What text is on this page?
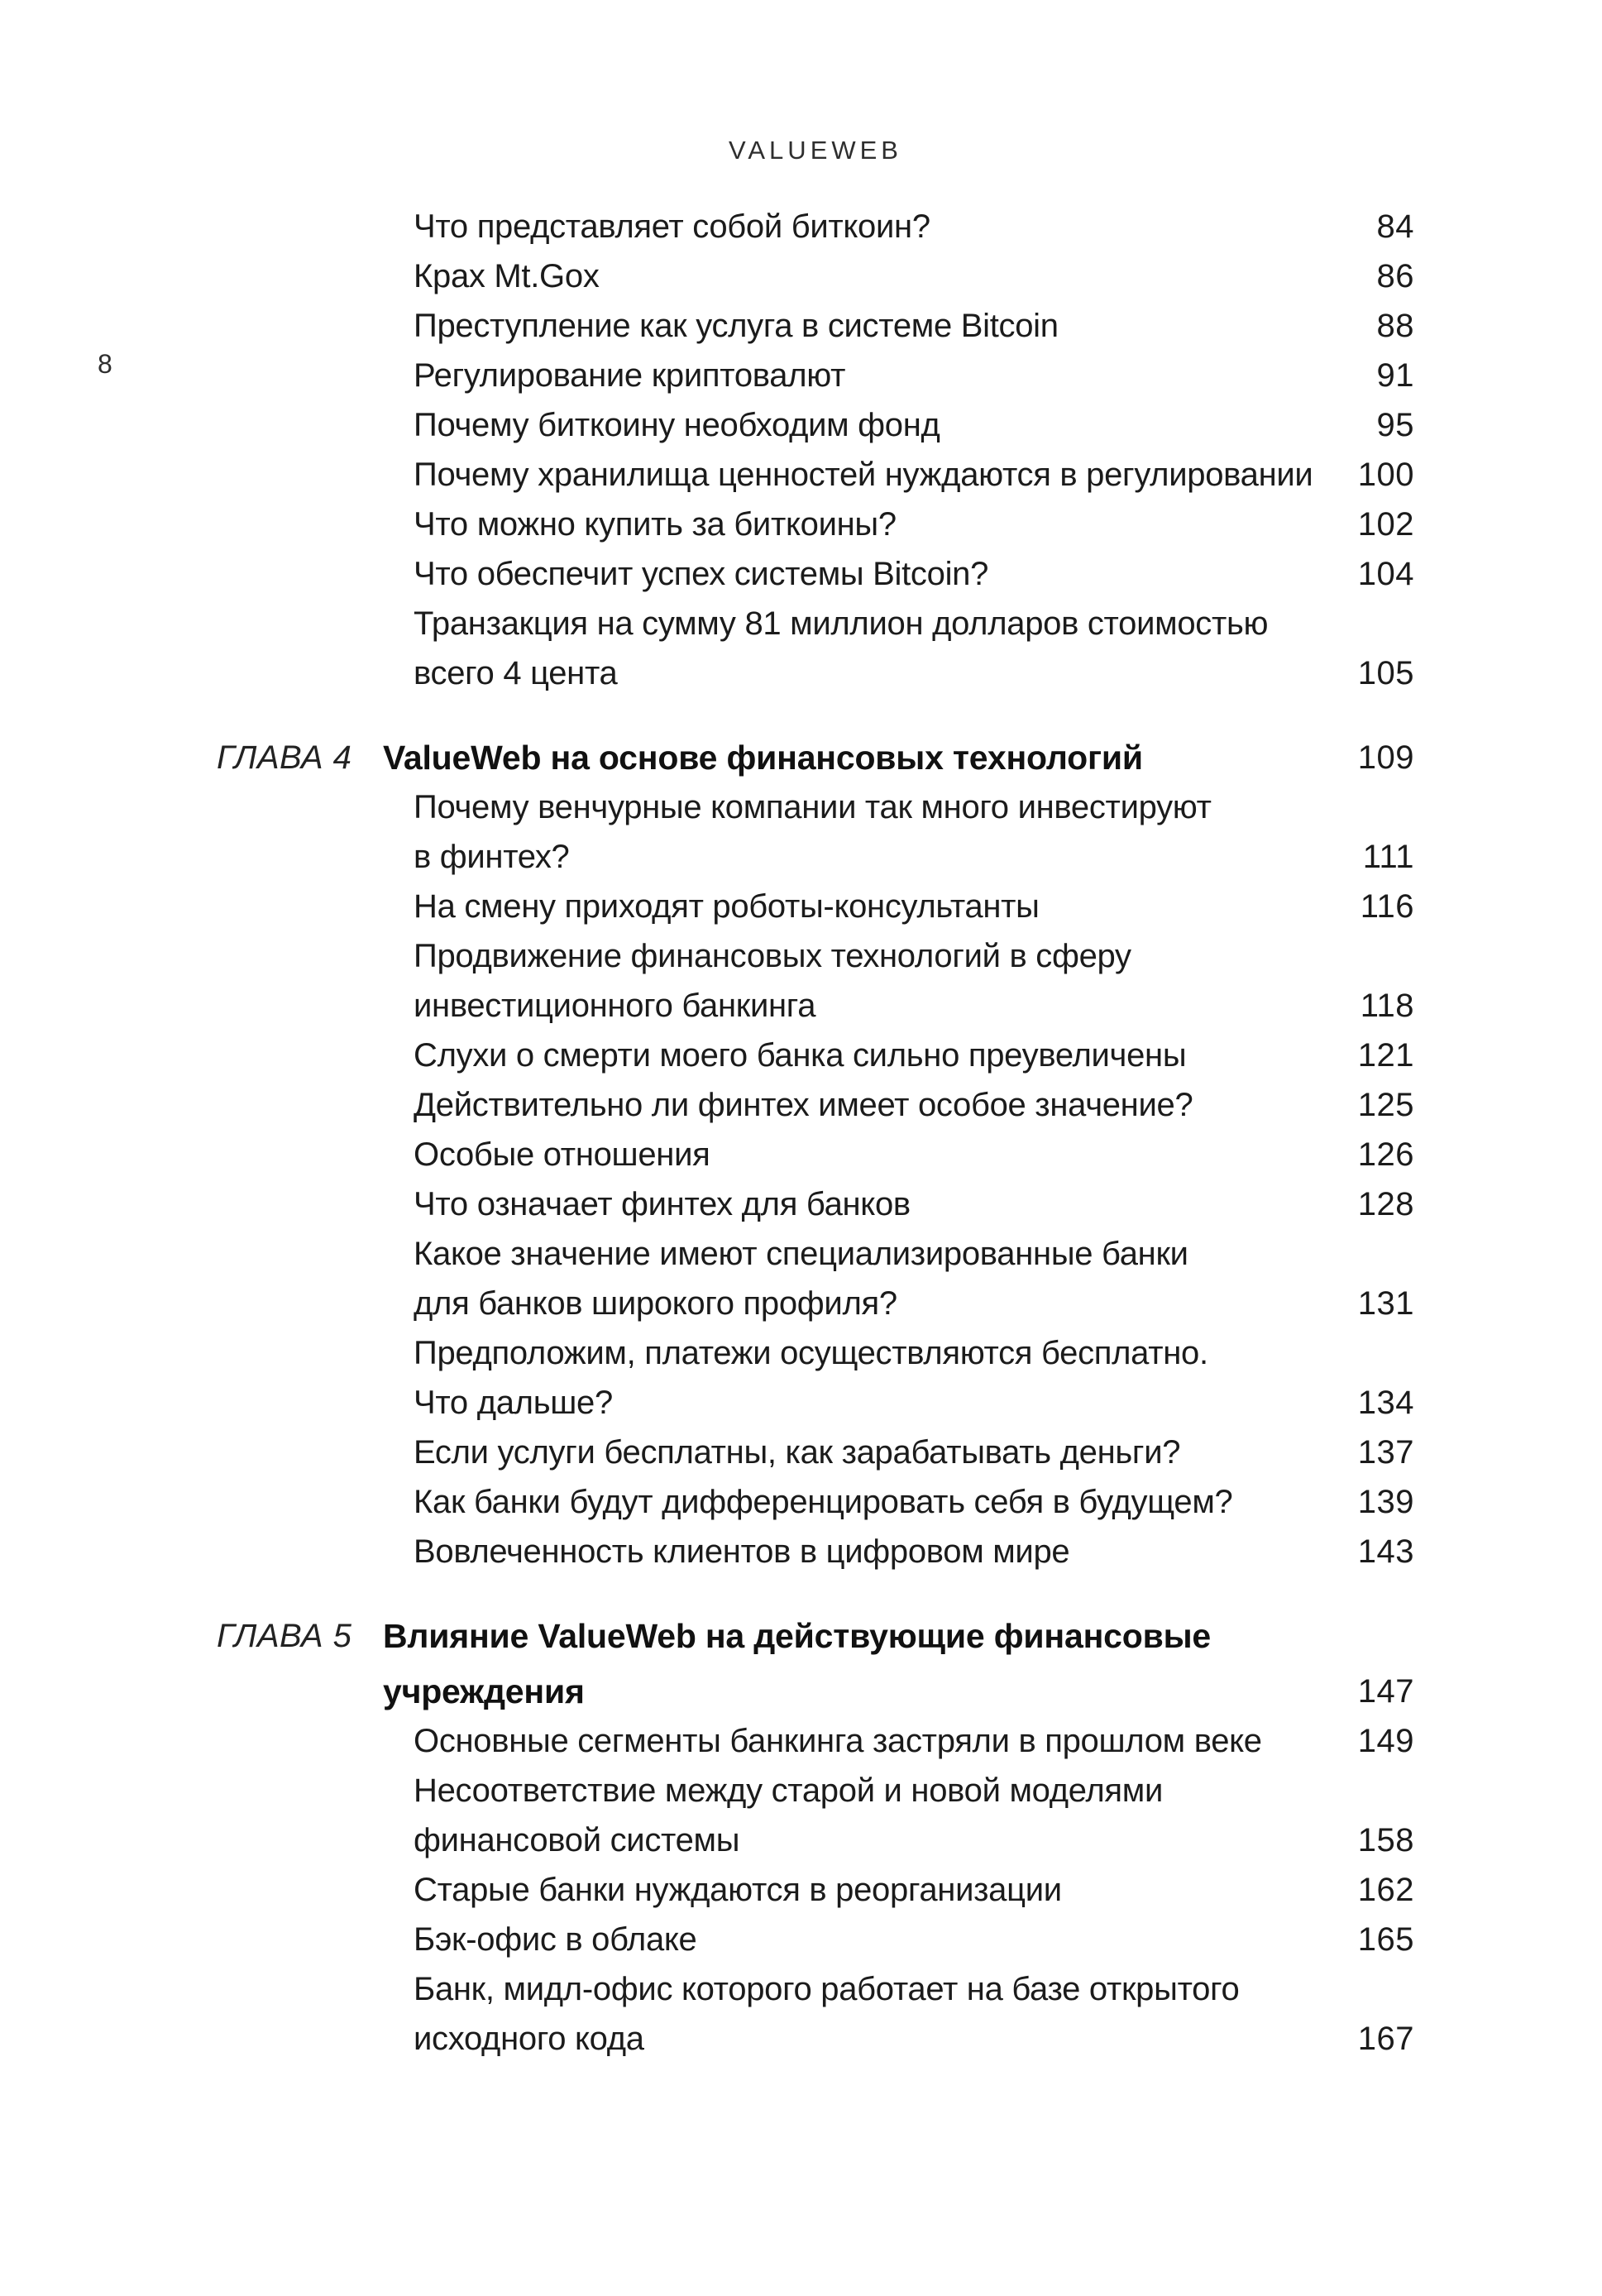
VALUEWEB
8
Что представляет собой биткоин?	84
Крах Mt.Gox	86
Преступление как услуга в системе Bitcoin	88
Регулирование криптовалют	91
Почему биткоину необходим фонд	95
Почему хранилища ценностей нуждаются в регулировании	100
Что можно купить за биткоины?	102
Что обеспечит успех системы Bitcoin?	104
Транзакция на сумму 81 миллион долларов стоимостью
всего 4 цента	105
ГЛАВА 4 ValueWeb на основе финансовых технологий	109
Почему венчурные компании так много инвестируют
в финтех?	111
На смену приходят роботы-консультанты	116
Продвижение финансовых технологий в сферу
инвестиционного банкинга	118
Слухи о смерти моего банка сильно преувеличены	121
Действительно ли финтех имеет особое значение?	125
Особые отношения	126
Что означает финтех для банков	128
Какое значение имеют специализированные банки
для банков широкого профиля?	131
Предположим, платежи осуществляются бесплатно.
Что дальше?	134
Если услуги бесплатны, как зарабатывать деньги?	137
Как банки будут дифференцировать себя в будущем?	139
Вовлеченность клиентов в цифровом мире	143
ГЛАВА 5 Влияние ValueWeb на действующие финансовые
учреждения	147
Основные сегменты банкинга застряли в прошлом веке	149
Несоответствие между старой и новой моделями
финансовой системы	158
Старые банки нуждаются в реорганизации	162
Бэк-офис в облаке	165
Банк, мидл-офис которого работает на базе открытого
исходного кода	167
